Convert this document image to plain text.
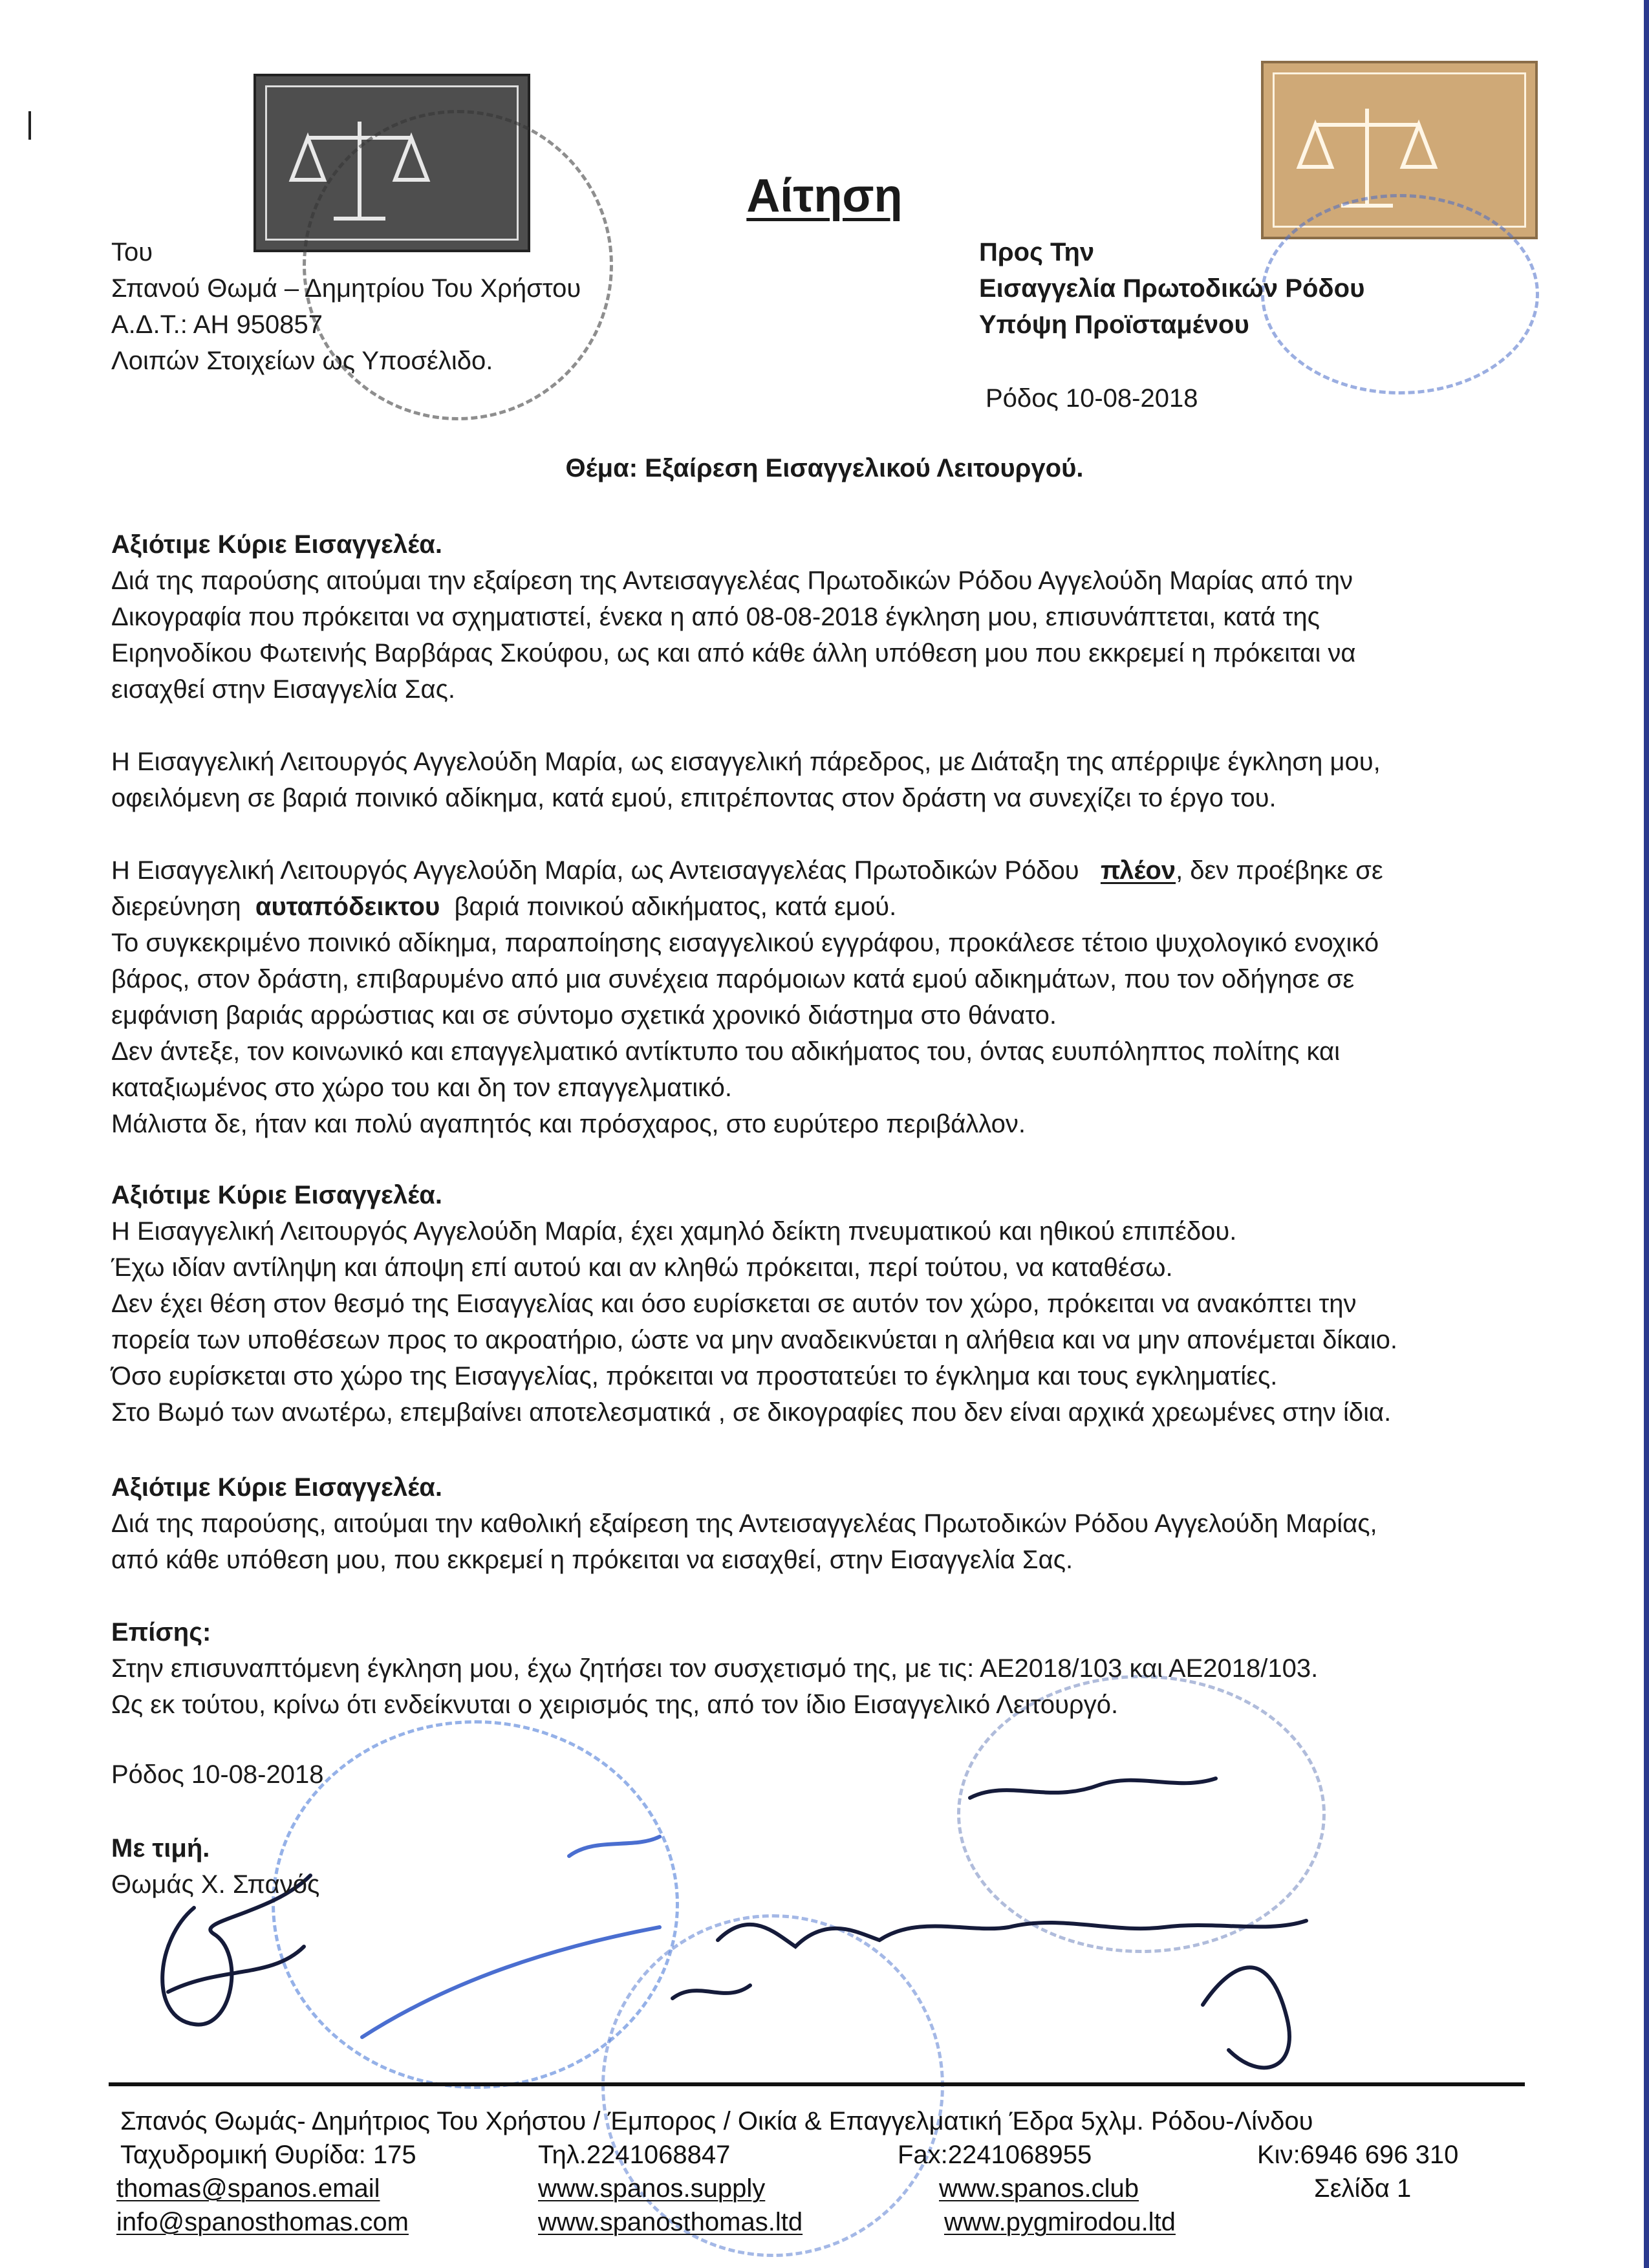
Αίτηση
Του
Σπανού Θωμά – Δημητρίου Του Χρήστου
Α.Δ.Τ.: ΑΗ 950857
Λοιπών Στοιχείων ως Υποσέλιδο.
Προς Την
Εισαγγελία Πρωτοδικών Ρόδου
Υπόψη Προϊσταμένου
Ρόδος 10-08-2018
Θέμα: Εξαίρεση Εισαγγελικού Λειτουργού.
Αξιότιμε Κύριε Εισαγγελέα.
Διά της παρούσης αιτούμαι την εξαίρεση της Αντεισαγγελέας Πρωτοδικών Ρόδου Αγγελούδη Μαρίας από την
Δικογραφία που πρόκειται να σχηματιστεί, ένεκα η από 08-08-2018 έγκληση μου, επισυνάπτεται, κατά της
Ειρηνοδίκου Φωτεινής Βαρβάρας Σκούφου, ως και από κάθε άλλη υπόθεση μου που εκκρεμεί η πρόκειται να
εισαχθεί στην Εισαγγελία Σας.
Η Εισαγγελική Λειτουργός Αγγελούδη Μαρία, ως εισαγγελική πάρεδρος, με Διάταξη της απέρριψε έγκληση μου,
οφειλόμενη σε βαριά ποινικό αδίκημα, κατά εμού, επιτρέποντας στον δράστη να συνεχίζει το έργο του.
Η Εισαγγελική Λειτουργός Αγγελούδη Μαρία, ως Αντεισαγγελέας Πρωτοδικών Ρόδου πλέον, δεν προέβηκε σε
διερεύνηση αυταπόδεικτου βαριά ποινικού αδικήματος, κατά εμού.
Το συγκεκριμένο ποινικό αδίκημα, παραποίησης εισαγγελικού εγγράφου, προκάλεσε τέτοιο ψυχολογικό ενοχικό
βάρος, στον δράστη, επιβαρυμένο από μια συνέχεια παρόμοιων κατά εμού αδικημάτων, που τον οδήγησε σε
εμφάνιση βαριάς αρρώστιας και σε σύντομο σχετικά χρονικό διάστημα στο θάνατο.
Δεν άντεξε, τον κοινωνικό και επαγγελματικό αντίκτυπο του αδικήματος του, όντας ευυπόληπτος πολίτης και
καταξιωμένος στο χώρο του και δη τον επαγγελματικό.
Μάλιστα δε, ήταν και πολύ αγαπητός και πρόσχαρος, στο ευρύτερο περιβάλλον.
Αξιότιμε Κύριε Εισαγγελέα.
Η Εισαγγελική Λειτουργός Αγγελούδη Μαρία, έχει χαμηλό δείκτη πνευματικού και ηθικού επιπέδου.
Έχω ιδίαν αντίληψη και άποψη επί αυτού και αν κληθώ πρόκειται, περί τούτου, να καταθέσω.
Δεν έχει θέση στον θεσμό της Εισαγγελίας και όσο ευρίσκεται σε αυτόν τον χώρο, πρόκειται να ανακόπτει την
πορεία των υποθέσεων προς το ακροατήριο, ώστε να μην αναδεικνύεται η αλήθεια και να μην απονέμεται δίκαιο.
Όσο ευρίσκεται στο χώρο της Εισαγγελίας, πρόκειται να προστατεύει το έγκλημα και τους εγκληματίες.
Στο Βωμό των ανωτέρω, επεμβαίνει αποτελεσματικά , σε δικογραφίες που δεν είναι αρχικά χρεωμένες στην ίδια.
Αξιότιμε Κύριε Εισαγγελέα.
Διά της παρούσης, αιτούμαι την καθολική εξαίρεση της Αντεισαγγελέας Πρωτοδικών Ρόδου Αγγελούδη Μαρίας,
από κάθε υπόθεση μου, που εκκρεμεί η πρόκειται να εισαχθεί, στην Εισαγγελία Σας.
Επίσης:
Στην επισυναπτόμενη έγκληση μου, έχω ζητήσει τον συσχετισμό της, με τις: ΑΕ2018/103 και ΑΕ2018/103.
Ως εκ τούτου, κρίνω ότι ενδείκνυται ο χειρισμός της, από τον ίδιο Εισαγγελικό Λειτουργό.
Ρόδος 10-08-2018
Με τιμή.
Θωμάς Χ. Σπανός
Σπανός Θωμάς- Δημήτριος Του Χρήστου / Έμπορος / Οικία & Επαγγελματική Έδρα 5χλμ. Ρόδου-Λίνδου
Ταχυδρομική Θυρίδα: 175	Τηλ.2241068847	Fax:2241068955	Κιν:6946 696 310
thomas@spanos.email	www.spanos.supply	www.spanos.club	Σελίδα 1
info@spanosthomas.com	www.spanosthomas.ltd	www.pygmirodou.ltd
